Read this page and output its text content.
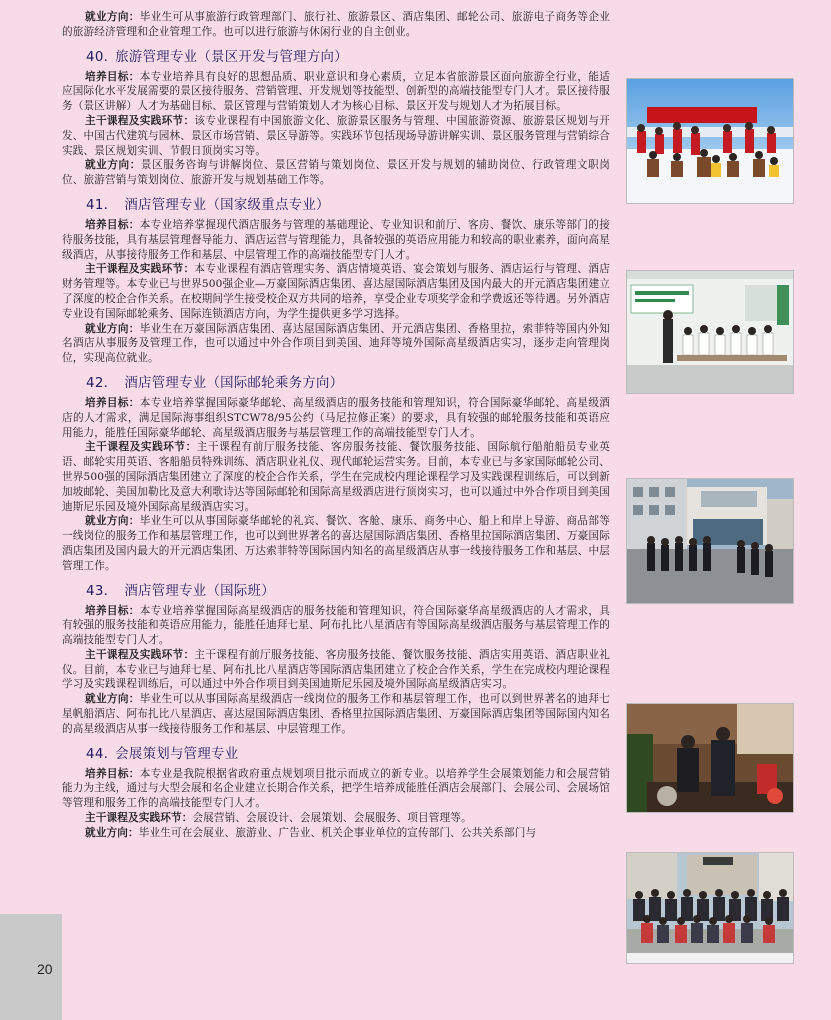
就业方向：毕业生可从事旅游行政管理部门、旅行社、旅游景区、酒店集团、邮轮公司、旅游电子商务等企业的旅游经济管理和企业管理工作。也可以进行旅游与休闲行业的自主创业。

40. 旅游管理专业（景区开发与管理方向）

培养目标：本专业培养具有良好的思想品质、职业意识和身心素质，立足本省旅游景区面向旅游全行业，能适应国际化水平发展需要的景区接待服务、营销管理、开发规划等技能型、创新型的高端技能型专门人才。景区接待服务（景区讲解）人才为基础目标、景区管理与营销策划人才为核心目标、景区开发与规划人才为拓展目标。

主干课程及实践环节：该专业课程有中国旅游文化、旅游景区服务与管理、中国旅游资源、旅游景区规划与开发、中国古代建筑与园林、景区市场营销、景区导游等。实践环节包括现场导游讲解实训、景区服务管理与营销综合实践、景区规划实训、节假日顶岗实习等。

就业方向：景区服务咨询与讲解岗位、景区营销与策划岗位、景区开发与规划的辅助岗位、行政管理文职岗位、旅游营销与策划岗位、旅游开发与规划基础工作等。

41． 酒店管理专业（国家级重点专业）

培养目标：本专业培养掌握现代酒店服务与管理的基础理论、专业知识和前厅、客房、餐饮、康乐等部门的接待服务技能，具有基层管理督导能力、酒店运营与管理能力，具备较强的英语应用能力和较高的职业素养，面向高星级酒店，从事接待服务工作和基层、中层管理工作的高端技能型专门人才。

主干课程及实践环节：本专业课程有酒店管理实务、酒店情境英语、宴会策划与服务、酒店运行与管理、酒店财务管理等。本专业已与世界500强企业—万豪国际酒店集团、喜达屋国际酒店集团及国内最大的开元酒店集团建立了深度的校企合作关系。在校期间学生接受校企双方共同的培养，享受企业专项奖学金和学费返还等待遇。另外酒店专业设有国际邮轮乘务、国际连锁酒店方向，为学生提供更多学习选择。

就业方向：毕业生在万豪国际酒店集团、喜达屋国际酒店集团、开元酒店集团、香格里拉，索菲特等国内外知名酒店从事服务及管理工作，也可以通过中外合作项目到美国、迪拜等境外国际高星级酒店实习，逐步走向管理岗位，实现高位就业。

42． 酒店管理专业（国际邮轮乘务方向）

培养目标：本专业培养掌握国际豪华邮轮、高星级酒店的服务技能和管理知识，符合国际豪华邮轮、高星级酒店的人才需求，满足国际海事组织STCW78/95公约（马尼拉修正案）的要求，具有较强的邮轮服务技能和英语应用能力，能胜任国际豪华邮轮、高星级酒店服务与基层管理工作的高端技能型专门人才。

主干课程及实践环节：主干课程有前厅服务技能、客房服务技能、餐饮服务技能、国际航行船舶船员专业英语、邮轮实用英语、客船船员特殊训练、酒店职业礼仪、现代邮轮运营实务。目前，本专业已与多家国际邮轮公司、世界500强的国际酒店集团建立了深度的校企合作关系，学生在完成校内理论课程学习及实践课程训练后，可以到新加坡邮轮、美国加勒比及意大利歌诗达等国际邮轮和国际高星级酒店进行顶岗实习，也可以通过中外合作项目到美国迪斯尼乐园及境外国际高星级酒店实习。

就业方向：毕业生可以从事国际豪华邮轮的礼宾、餐饮、客舱、康乐、商务中心、船上和岸上导游、商品部等一线岗位的服务工作和基层管理工作，也可以到世界著名的喜达屋国际酒店集团、香格里拉国际酒店集团、万豪国际酒店集团及国内最大的开元酒店集团、万达索菲特等国际国内知名的高星级酒店从事一线接待服务工作和基层、中层管理工作。

43． 酒店管理专业（国际班）

培养目标：本专业培养掌握国际高星级酒店的服务技能和管理知识，符合国际豪华高星级酒店的人才需求，具有较强的服务技能和英语应用能力，能胜任迪拜七星、阿布扎比八星酒店有等国际高星级酒店服务与基层管理工作的高端技能型专门人才。

主干课程及实践环节：主干课程有前厅服务技能、客房服务技能、餐饮服务技能、酒店实用英语、酒店职业礼仪。目前，本专业已与迪拜七星、阿布扎比八星酒店等国际酒店集团建立了校企合作关系，学生在完成校内理论课程学习及实践课程训练后，可以通过中外合作项目到美国迪斯尼乐园及境外国际高星级酒店实习。

就业方向：毕业生可以从事国际高星级酒店一线岗位的服务工作和基层管理工作，也可以到世界著名的迪拜七星帆船酒店、阿布扎比八星酒店、喜达屋国际酒店集团、香格里拉国际酒店集团、万豪国际酒店集团等国际国内知名的高星级酒店从事一线接待服务工作和基层、中层管理工作。

44. 会展策划与管理专业

培养目标：本专业是我院根据省政府重点规划项目批示而成立的新专业。以培养学生会展策划能力和会展营销能力为主线，通过与大型会展和名企业建立长期合作关系，把学生培养成能胜任酒店会展部门、会展公司、会展场馆等管理和服务工作的高端技能型专门人才。

主干课程及实践环节：会展营销、会展设计、会展策划、会展服务、项目管理等。

就业方向：毕业生可在会展业、旅游业、广告业、机关企事业单位的宣传部门、公共关系部门与

20
